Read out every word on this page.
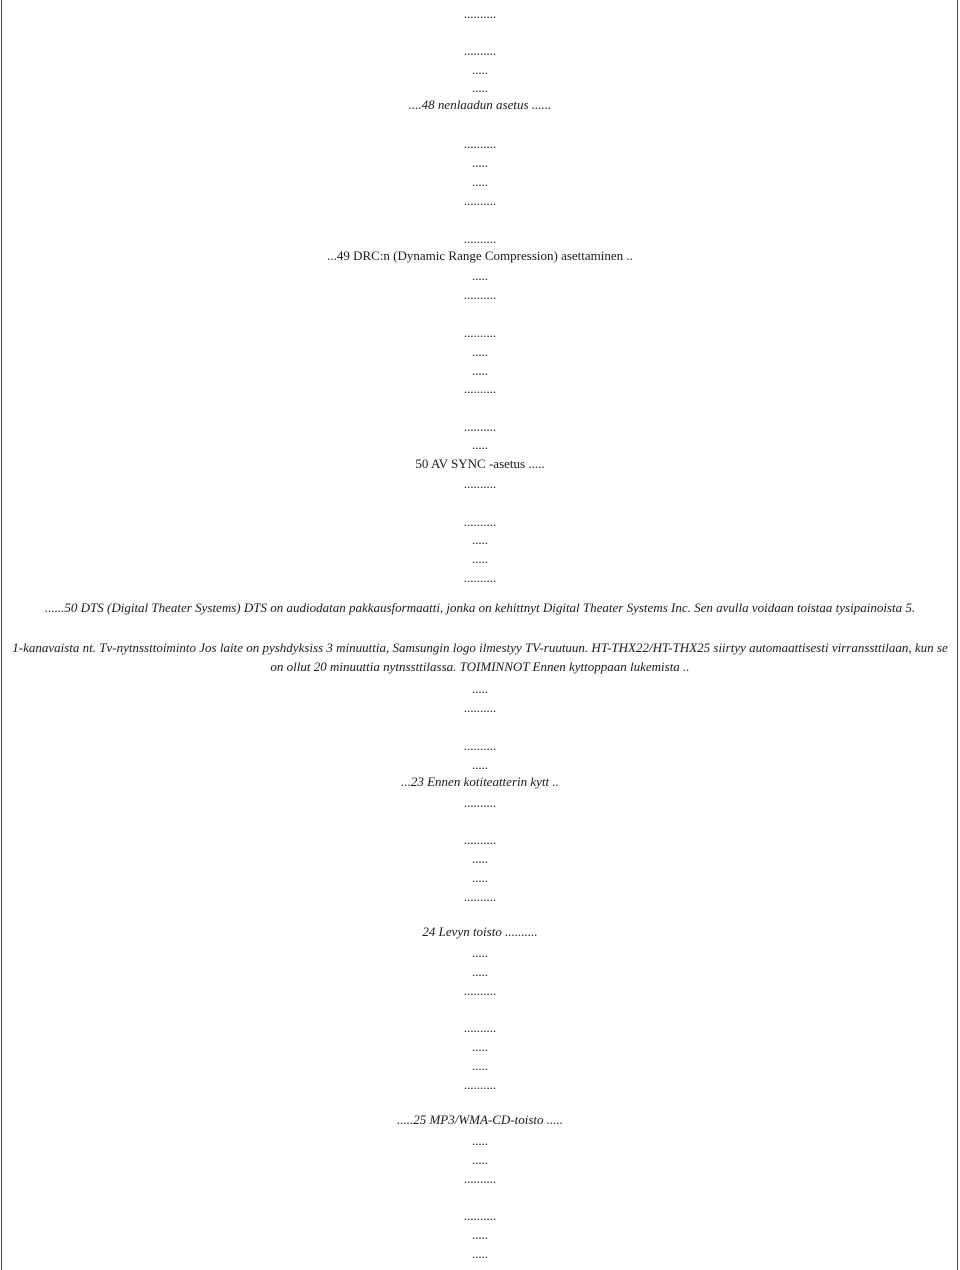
..........
..........
.....
.....
....48 nenlaadun asetus ......
..........
.....
.....
..........
..........
...49 DRC:n (Dynamic Range Compression) asettaminen ..
.....
..........
..........
.....
.....
..........
..........
.....
50 AV SYNC -asetus .....
..........
..........
.....
.....
..........
......50 DTS (Digital Theater Systems) DTS on audiodatan pakkausformaatti, jonka on kehittnyt Digital Theater Systems Inc. Sen avulla voidaan toistaa tysipainoista 5.
1-kanavaista nt. Tv-nytnssttoiminto Jos laite on pyshdyksiss 3 minuuttia, Samsungin logo ilmestyy TV-ruutuun. HT-THX22/HT-THX25 siirtyy automaattisesti virranssttilaan, kun se on ollut 20 minuuttia nytnssttilassa. TOIMINNOT Ennen kyttoppaan lukemista ..
.....
..........
..........
.....
...23 Ennen kotiteatterin kytt ..
..........
..........
.....
.....
..........
24 Levyn toisto ..........
.....
.....
..........
..........
.....
.....
..........
.....25 MP3/WMA-CD-toisto .....
.....
.....
..........
..........
.....
.....
